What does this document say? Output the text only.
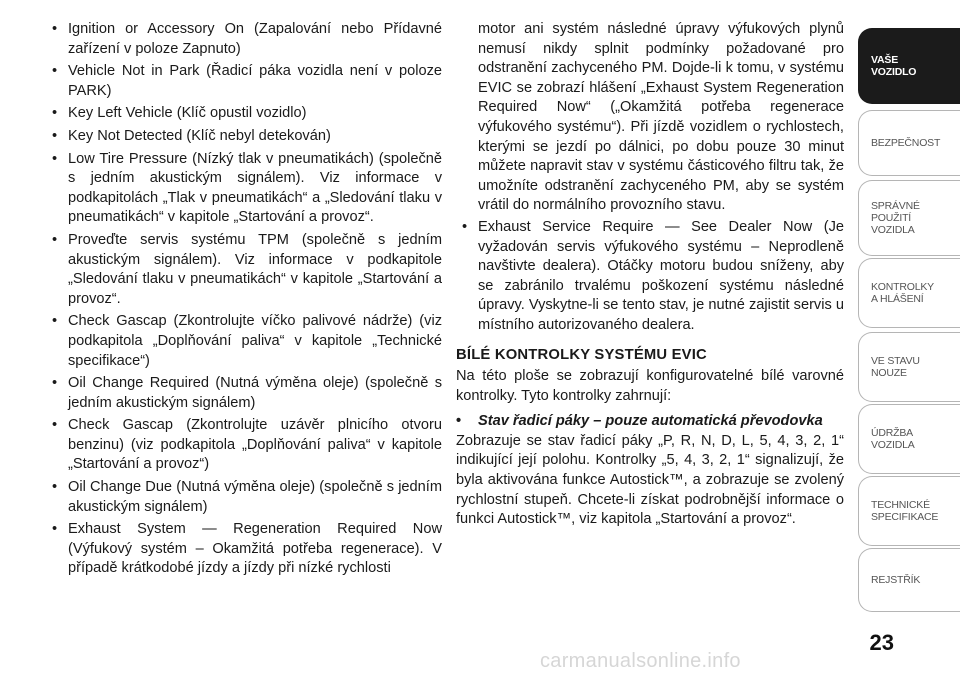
• Ignition or Accessory On (Zapalování nebo Přídavné zařízení v poloze Zapnuto)
• Vehicle Not in Park (Řadicí páka vozidla není v poloze PARK)
• Key Left Vehicle (Klíč opustil vozidlo)
• Key Not Detected (Klíč nebyl detekován)
• Low Tire Pressure (Nízký tlak v pneumatikách) (společně s jedním akustickým signálem). Viz informace v podkapitolách „Tlak v pneumatikách“ a „Sledování tlaku v pneumatikách“ v kapitole „Startování a provoz“.
• Proveďte servis systému TPM (společně s jedním akustickým signálem). Viz informace v podkapitole „Sledování tlaku v pneumatikách“ v kapitole „Startování a provoz“.
• Check Gascap (Zkontrolujte víčko palivové nádrže) (viz podkapitola „Doplňování paliva“ v kapitole „Technické specifikace“)
• Oil Change Required (Nutná výměna oleje) (společně s jedním akustickým signálem)
• Check Gascap (Zkontrolujte uzávěr plnicího otvoru benzinu) (viz podkapitola „Doplňování paliva“ v kapitole „Startování a provoz“)
• Oil Change Due (Nutná výměna oleje) (společně s jedním akustickým signálem)
• Exhaust System — Regeneration Required Now (Výfukový systém – Okamžitá potřeba regenerace). V případě krátkodobé jízdy a jízdy při nízké rychlosti

motor ani systém následné úpravy výfukových plynů nemusí nikdy splnit podmínky požadované pro odstranění zachyceného PM. Dojde-li k tomu, v systému EVIC se zobrazí hlášení „Exhaust System Regeneration Required Now“ („Okamžitá potřeba regenerace výfukového systému“). Při jízdě vozidlem o rychlostech, kterými se jezdí po dálnici, po dobu pouze 30 minut můžete napravit stav v systému částicového filtru tak, že umožníte odstranění zachyceného PM, aby se systém vrátil do normálního provozního stavu.

• Exhaust Service Require — See Dealer Now (Je vyžadován servis výfukového systému – Neprodleně navštivte dealera). Otáčky motoru budou sníženy, aby se zabránilo trvalému poškození systému následné úpravy. Vyskytne-li se tento stav, je nutné zajistit servis u místního autorizovaného dealera.
BÍLÉ KONTROLKY SYSTÉMU EVIC

Na této ploše se zobrazují konfigurovatelné bílé varovné kontrolky. Tyto kontrolky zahrnují:

• Stav řadicí páky – pouze automatická převodovka

Zobrazuje se stav řadicí páky „P, R, N, D, L, 5, 4, 3, 2, 1“ indikující její polohu. Kontrolky „5, 4, 3, 2, 1“ signalizují, že byla aktivována funkce Autostick™, a zobrazuje se zvolený rychlostní stupeň. Chcete-li získat podrobnější informace o funkci Autostick™, viz kapitola „Startování a provoz“.

VAŠE
VOZIDLO
BEZPEČNOST
SPRÁVNÉ
POUŽITÍ
VOZIDLA
KONTROLKY
A HLÁŠENÍ
VE STAVU
NOUZE
ÚDRŽBA
VOZIDLA
TECHNICKÉ
SPECIFIKACE
REJSTŘÍK
23
carmanualsonline.info
